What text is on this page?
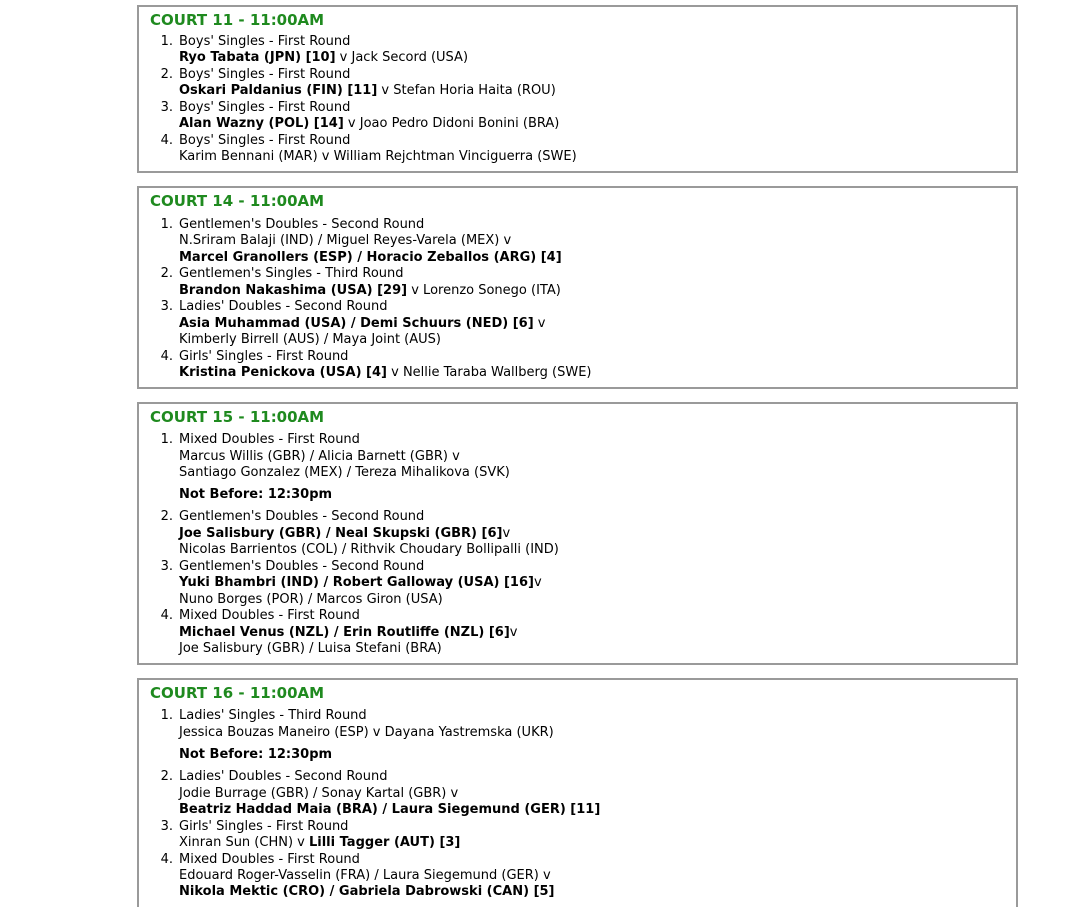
COURT 11 - 11:00AM
1. Boys' Singles - First Round
Ryo Tabata (JPN) [10] v Jack Secord (USA)
2. Boys' Singles - First Round
Oskari Paldanius (FIN) [11] v Stefan Horia Haita (ROU)
3. Boys' Singles - First Round
Alan Wazny (POL) [14] v Joao Pedro Didoni Bonini (BRA)
4. Boys' Singles - First Round
Karim Bennani (MAR) v William Rejchtman Vinciguerra (SWE)
COURT 14 - 11:00AM
1. Gentlemen's Doubles - Second Round
N.Sriram Balaji (IND) / Miguel Reyes-Varela (MEX) v
Marcel Granollers (ESP) / Horacio Zeballos (ARG) [4]
2. Gentlemen's Singles - Third Round
Brandon Nakashima (USA) [29] v Lorenzo Sonego (ITA)
3. Ladies' Doubles - Second Round
Asia Muhammad (USA) / Demi Schuurs (NED) [6] v
Kimberly Birrell (AUS) / Maya Joint (AUS)
4. Girls' Singles - First Round
Kristina Penickova (USA) [4] v Nellie Taraba Wallberg (SWE)
COURT 15 - 11:00AM
1. Mixed Doubles - First Round
Marcus Willis (GBR) / Alicia Barnett (GBR) v
Santiago Gonzalez (MEX) / Tereza Mihalikova (SVK)
Not Before: 12:30pm
2. Gentlemen's Doubles - Second Round
Joe Salisbury (GBR) / Neal Skupski (GBR) [6]v
Nicolas Barrientos (COL) / Rithvik Choudary Bollipalli (IND)
3. Gentlemen's Doubles - Second Round
Yuki Bhambri (IND) / Robert Galloway (USA) [16]v
Nuno Borges (POR) / Marcos Giron (USA)
4. Mixed Doubles - First Round
Michael Venus (NZL) / Erin Routliffe (NZL) [6]v
Joe Salisbury (GBR) / Luisa Stefani (BRA)
COURT 16 - 11:00AM
1. Ladies' Singles - Third Round
Jessica Bouzas Maneiro (ESP) v Dayana Yastremska (UKR)
Not Before: 12:30pm
2. Ladies' Doubles - Second Round
Jodie Burrage (GBR) / Sonay Kartal (GBR) v
Beatriz Haddad Maia (BRA) / Laura Siegemund (GER) [11]
3. Girls' Singles - First Round
Xinran Sun (CHN) v Lilli Tagger (AUT) [3]
4. Mixed Doubles - First Round
Edouard Roger-Vasselin (FRA) / Laura Siegemund (GER) v
Nikola Mektic (CRO) / Gabriela Dabrowski (CAN) [5]
